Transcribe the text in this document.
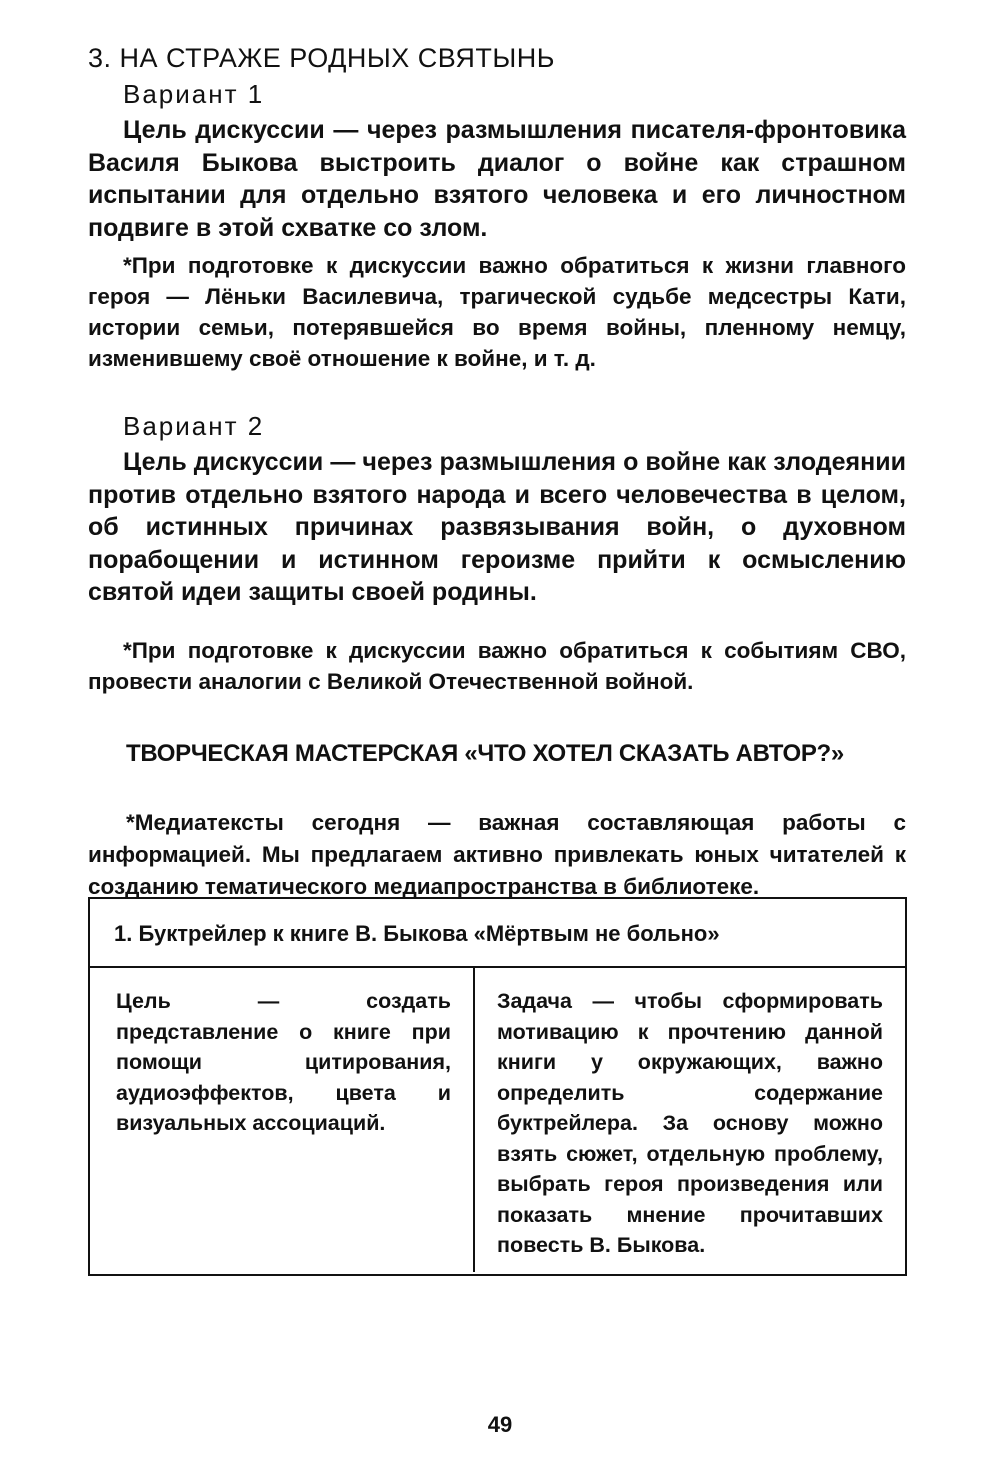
3. НА СТРАЖЕ РОДНЫХ СВЯТЫНЬ
Вариант 1

Цель дискуссии — через размышления писателя-фронтовика Василя Быкова выстроить диалог о войне как страшном испытании для отдельно взятого человека и его личностном подвиге в этой схватке со злом.

*При подготовке к дискуссии важно обратиться к жизни главного героя — Лёньки Василевича, трагической судьбе медсестры Кати, истории семьи, потерявшейся во время войны, пленному немцу, изменившему своё отношение к войне, и т. д.

Вариант 2

Цель дискуссии — через размышления о войне как злодеянии против отдельно взятого народа и всего человечества в целом, об истинных причинах развязывания войн, о духовном порабощении и истинном героизме прийти к осмыслению святой идеи защиты своей родины.

*При подготовке к дискуссии важно обратиться к событиям СВО, провести аналогии с Великой Отечественной войной.

ТВОРЧЕСКАЯ МАСТЕРСКАЯ «ЧТО ХОТЕЛ СКАЗАТЬ АВТОР?»

*Медиатексты сегодня — важная составляющая работы с информацией. Мы предлагаем активно привлекать юных читателей к созданию тематического медиапространства в библиотеке.

1. Буктрейлер к книге В. Быкова «Мёртвым не больно»
Цель — создать представление о книге при помощи цитирования, аудиоэффектов, цвета и визуальных ассоциаций.
Задача — чтобы сформировать мотивацию к прочтению данной книги у окружающих, важно определить содержание буктрейлера. За основу можно взять сюжет, отдельную проблему, выбрать героя произведения или показать мнение прочитавших повесть В. Быкова.
49
